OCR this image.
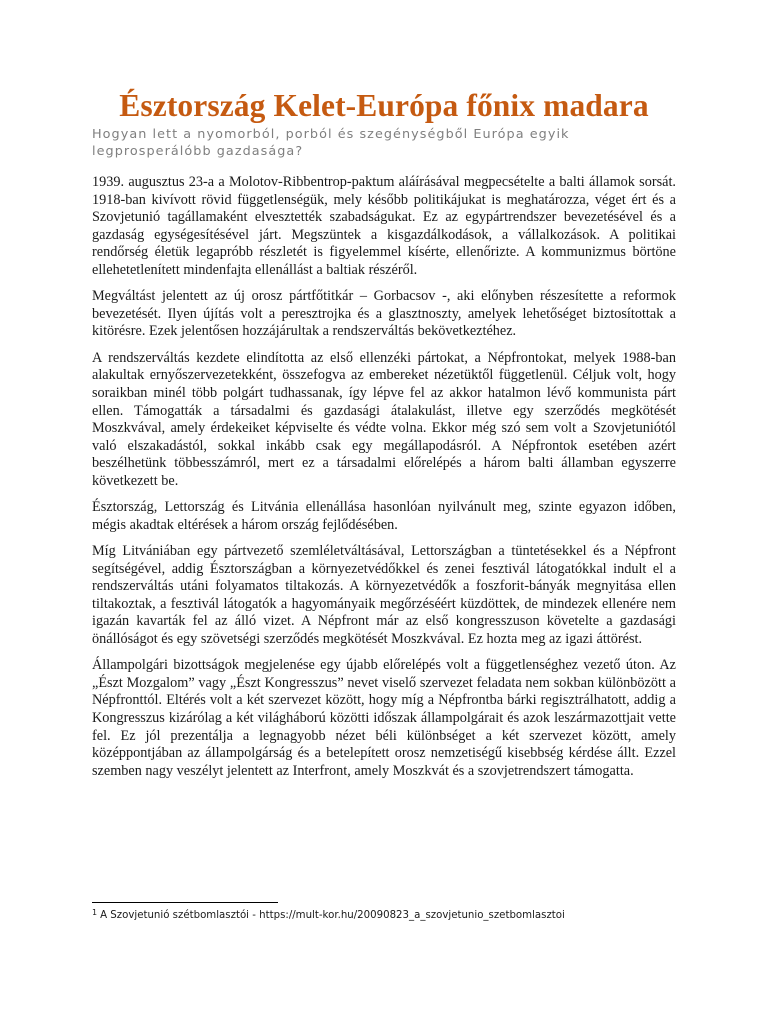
Észtország Kelet-Európa főnix madara
Hogyan lett a nyomorból, porból és szegénységből Európa egyik legprosperálóbb gazdasága?

1939. augusztus 23-a a Molotov-Ribbentrop-paktum aláírásával megpecsételte a balti államok sorsát. 1918-ban kivívott rövid függetlenségük, mely később politikájukat is meghatározza, véget ért és a Szovjetunió tagállamaként elvesztették szabadságukat. Ez az egypártrendszer bevezetésével és a gazdaság egységesítésével járt. Megszüntek a kisgazdálkodások, a vállalkozások. A politikai rendőrség életük legapróbb részletét is figyelemmel kísérte, ellenőrizte. A kommunizmus börtöne ellehetetlenített mindenfajta ellenállást a baltiak részéről.

Megváltást jelentett az új orosz pártfőtitkár – Gorbacsov -, aki előnyben részesítette a reformok bevezetését. Ilyen újítás volt a peresztrojka és a glasztnoszty, amelyek lehetőséget biztosítottak a kitörésre. Ezek jelentősen hozzájárultak a rendszerváltás bekövetkeztéhez.

A rendszerváltás kezdete elindította az első ellenzéki pártokat, a Népfrontokat, melyek 1988-ban alakultak ernyőszervezetekként, összefogva az embereket nézetüktől függetlenül. Céljuk volt, hogy soraikban minél több polgárt tudhassanak, így lépve fel az akkor hatalmon lévő kommunista párt ellen. Támogatták a társadalmi és gazdasági átalakulást, illetve egy szerződés megkötését Moszkvával, amely érdekeiket képviselte és védte volna. Ekkor még szó sem volt a Szovjetuniótól való elszakadástól, sokkal inkább csak egy megállapodásról. A Népfrontok esetében azért beszélhetünk többesszámról, mert ez a társadalmi előrelépés a három balti államban egyszerre következett be.

Észtország, Lettország és Litvánia ellenállása hasonlóan nyilvánult meg, szinte egyazon időben, mégis akadtak eltérések a három ország fejlődésében.

Míg Litvániában egy pártvezető szemléletváltásával, Lettországban a tüntetésekkel és a Népfront segítségével, addig Észtországban a környezetvédőkkel és zenei fesztivál látogatókkal indult el a rendszerváltás utáni folyamatos tiltakozás. A környezetvédők a foszforit-bányák megnyitása ellen tiltakoztak, a fesztivál látogatók a hagyományaik megőrzéséért küzdöttek, de mindezek ellenére nem igazán kavarták fel az álló vizet. A Népfront már az első kongresszuson követelte a gazdasági önállóságot és egy szövetségi szerződés megkötését Moszkvával. Ez hozta meg az igazi áttörést.

Állampolgári bizottságok megjelenése egy újabb előrelépés volt a függetlenséghez vezető úton. Az „Észt Mozgalom” vagy „Észt Kongresszus” nevet viselő szervezet feladata nem sokban különbözött a Népfronttól. Eltérés volt a két szervezet között, hogy míg a Népfrontba bárki regisztrálhatott, addig a Kongresszus kizárólag a két világháború közötti időszak állampolgárait és azok leszármazottjait vette fel. Ez jól prezentálja a legnagyobb nézet béli különbséget a két szervezet között, amely középpontjában az állampolgárság és a betelepített orosz nemzetiségű kisebbség kérdése állt. Ezzel szemben nagy veszélyt jelentett az Interfront, amely Moszkvát és a szovjetrendszert támogatta.

$^1$ A Szovjetunió szétbomlasztói - https://mult-kor.hu/20090823_a_szovjetunio_szetbomlasztoi
